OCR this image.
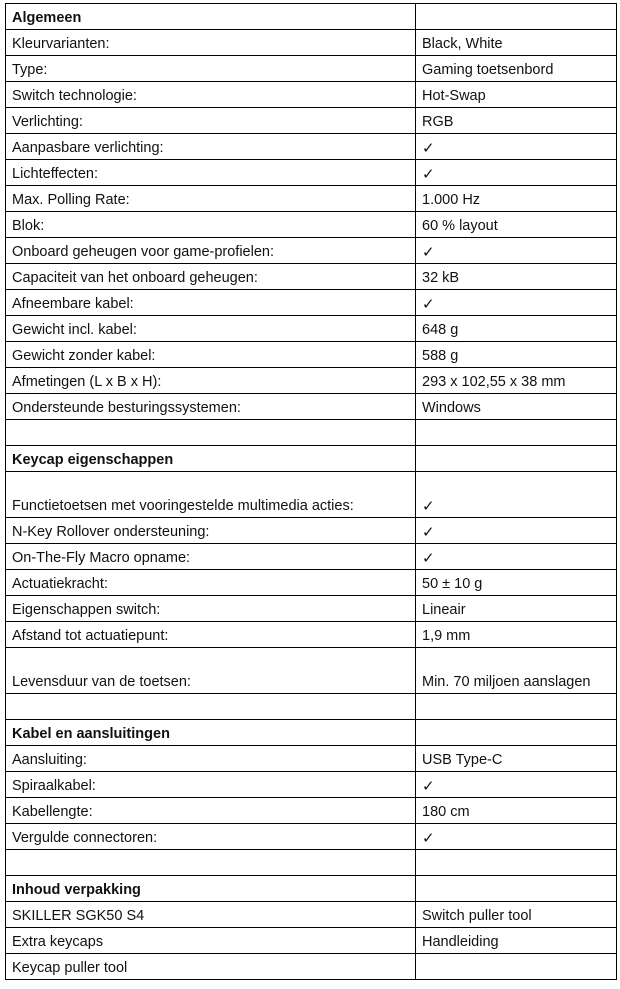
Algemeen	
Kleurvarianten:	Black, White
Type:	Gaming toetsenbord
Switch technologie:	Hot-Swap
Verlichting:	RGB
Aanpasbare verlichting:	✓
Lichteffecten:	✓
Max. Polling Rate:	1.000 Hz
Blok:	60 % layout
Onboard geheugen voor game-profielen:	✓
Capaciteit van het onboard geheugen:	32 kB
Afneembare kabel:	✓
Gewicht incl. kabel:	648 g
Gewicht zonder kabel:	588 g
Afmetingen (L x B x H):	293 x 102,55 x 38 mm
Ondersteunde besturingssystemen:	Windows

Keycap eigenschappen	
Functietoetsen met vooringestelde multimedia acties:	✓
N-Key Rollover ondersteuning:	✓
On-The-Fly Macro opname:	✓
Actuatiekracht:	50 ± 10 g
Eigenschappen switch:	Lineair
Afstand tot actuatiepunt:	1,9 mm
Levensduur van de toetsen:	Min. 70 miljoen aanslagen

Kabel en aansluitingen	
Aansluiting:	USB Type-C
Spiraalkabel:	✓
Kabellengte:	180 cm
Vergulde connectoren:	✓

Inhoud verpakking	
SKILLER SGK50 S4	Switch puller tool
Extra keycaps	Handleiding
Keycap puller tool	
